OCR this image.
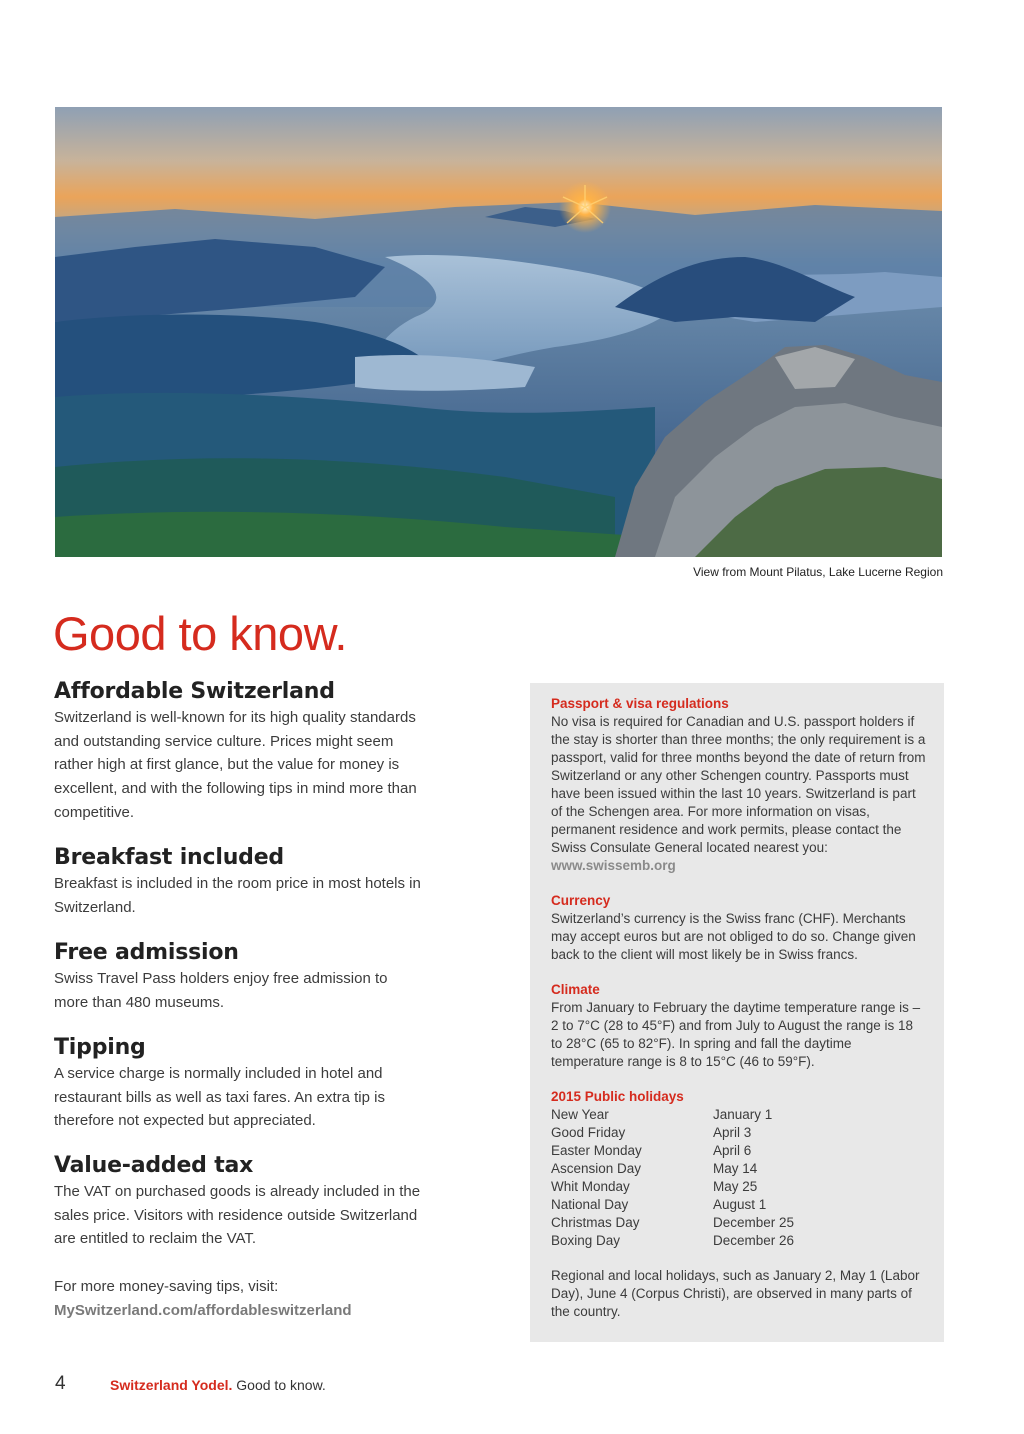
View from Mount Pilatus, Lake Lucerne Region
Good to know.
Affordable Switzerland

Switzerland is well-known for its high quality standards and outstanding service culture. Prices might seem rather high at first glance, but the value for money is excellent, and with the following tips in mind more than competitive.

Breakfast included

Breakfast is included in the room price in most hotels in Switzerland.

Free admission

Swiss Travel Pass holders enjoy free admission to more than 480 museums.

Tipping

A service charge is normally included in hotel and restaurant bills as well as taxi fares. An extra tip is therefore not expected but appreciated.

Value-added tax

The VAT on purchased goods is already included in the sales price. Visitors with residence outside Switzerland are entitled to reclaim the VAT.

For more money-saving tips, visit:
MySwitzerland.com/affordableswitzerland

Passport & visa regulations

No visa is required for Canadian and U.S. passport holders if the stay is shorter than three months; the only requirement is a passport, valid for three months beyond the date of return from Switzerland or any other Schengen country. Passports must have been issued within the last 10 years. Switzerland is part of the Schengen area. For more information on visas, permanent residence and work permits, please contact the Swiss Consulate General located nearest you: www.swissemb.org

Currency

Switzerland’s currency is the Swiss franc (CHF). Merchants may accept euros but are not obliged to do so. Change given back to the client will most likely be in Swiss francs.

Climate

From January to February the daytime temperature range is –2 to 7°C (28 to 45°F) and from July to August the range is 18 to 28°C (65 to 82°F). In spring and fall the daytime temperature range is 8 to 15°C (46 to 59°F).

2015 Public holidays

New Year	January 1
Good Friday	April 3
Easter Monday	April 6
Ascension Day	May 14
Whit Monday	May 25
National Day	August 1
Christmas Day	December 25
Boxing Day	December 26

Regional and local holidays, such as January 2, May 1 (Labor Day), June 4 (Corpus Christi), are observed in many parts of the country.

4	Switzerland Yodel. Good to know.
